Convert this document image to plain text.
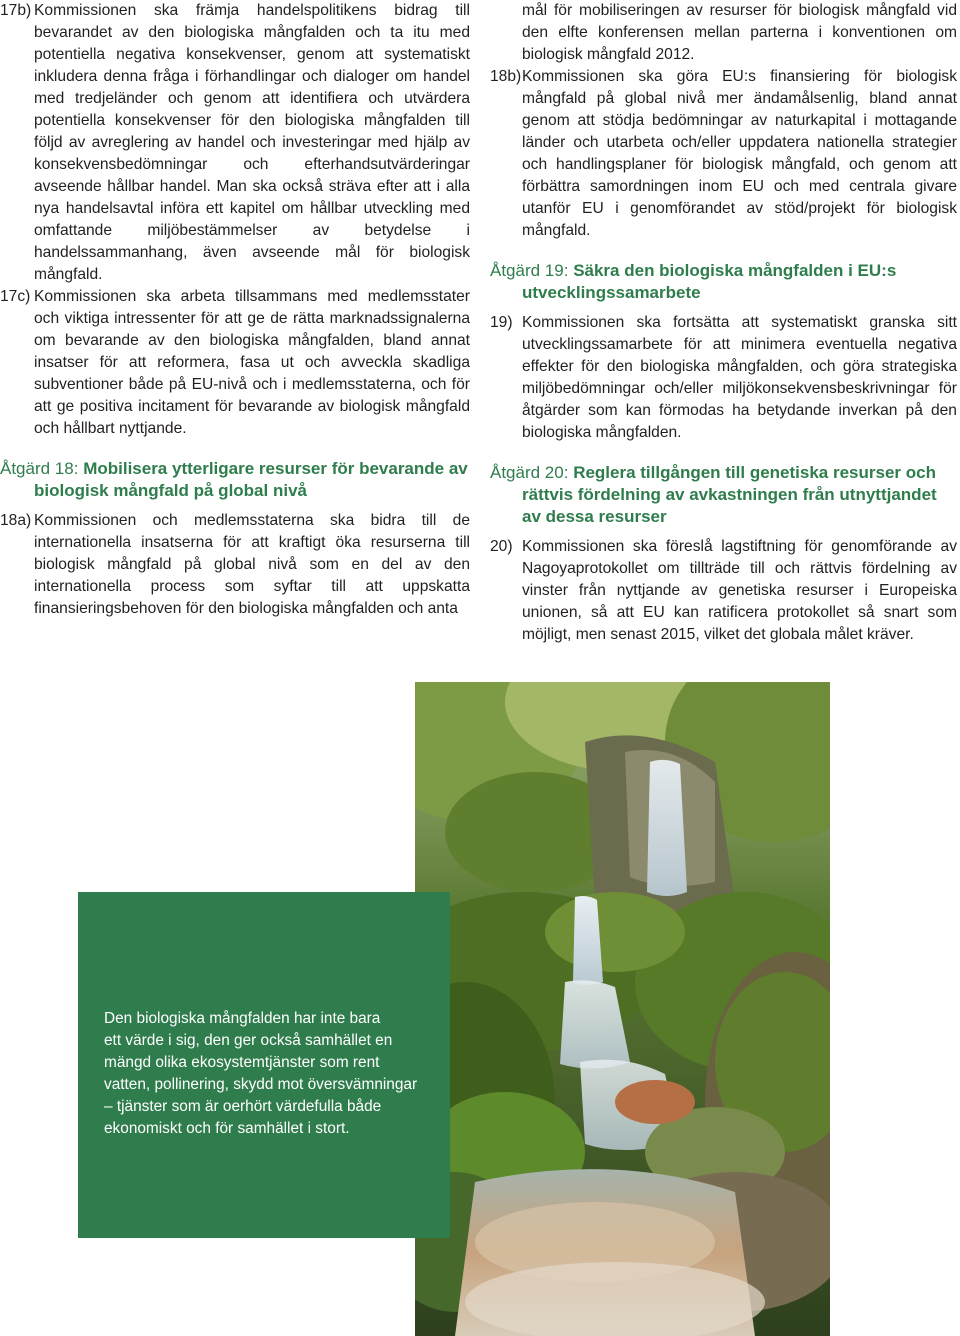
17b) Kommissionen ska främja handelspolitikens bidrag till bevarandet av den biologiska mångfalden och ta itu med potentiella negativa konsekvenser, genom att systematiskt inkludera denna fråga i förhandlingar och dialoger om handel med tredjeländer och genom att identifiera och utvärdera potentiella konsekvenser för den biologiska mångfalden till följd av avreglering av handel och investeringar med hjälp av konsekvensbedömningar och efterhandsutvärderingar avseende hållbar handel. Man ska också sträva efter att i alla nya handelsavtal införa ett kapitel om hållbar utveckling med omfattande miljöbestämmelser av betydelse i handelssammanhang, även avseende mål för biologisk mångfald.
17c) Kommissionen ska arbeta tillsammans med medlemsstater och viktiga intressenter för att ge de rätta marknadssignalerna om bevarande av den biologiska mångfalden, bland annat insatser för att reformera, fasa ut och avveckla skadliga subventioner både på EU-nivå och i medlemsstaterna, och för att ge positiva incitament för bevarande av biologisk mångfald och hållbart nyttjande.
Åtgärd 18: Mobilisera ytterligare resurser för bevarande av biologisk mångfald på global nivå
18a) Kommissionen och medlemsstaterna ska bidra till de internationella insatserna för att kraftigt öka resurserna till biologisk mångfald på global nivå som en del av den internationella process som syftar till att uppskatta finansieringsbehoven för den biologiska mångfalden och anta
mål för mobiliseringen av resurser för biologisk mångfald vid den elfte konferensen mellan parterna i konventionen om biologisk mångfald 2012.
18b) Kommissionen ska göra EU:s finansiering för biologisk mångfald på global nivå mer ändamålsenlig, bland annat genom att stödja bedömningar av naturkapital i mottagande länder och utarbeta och/eller uppdatera nationella strategier och handlingsplaner för biologisk mångfald, och genom att förbättra samordningen inom EU och med centrala givare utanför EU i genomförandet av stöd/projekt för biologisk mångfald.
Åtgärd 19: Säkra den biologiska mångfalden i EU:s utvecklingssamarbete
19) Kommissionen ska fortsätta att systematiskt granska sitt utvecklingssamarbete för att minimera eventuella negativa effekter för den biologiska mångfalden, och göra strategiska miljöbedömningar och/eller miljökonsekvensbeskrivningar för åtgärder som kan förmodas ha betydande inverkan på den biologiska mångfalden.
Åtgärd 20: Reglera tillgången till genetiska resurser och rättvis fördelning av avkastningen från utnyttjandet av dessa resurser
20) Kommissionen ska föreslå lagstiftning för genomförande av Nagoyaprotokollet om tillträde till och rättvis fördelning av vinster från nyttjande av genetiska resurser i Europeiska unionen, så att EU kan ratificera protokollet så snart som möjligt, men senast 2015, vilket det globala målet kräver.
Den biologiska mångfalden har inte bara
ett värde i sig, den ger också samhället en
mängd olika ekosystemtjänster som rent
vatten, pollinering, skydd mot översvämningar
– tjänster som är oerhört värdefulla både
ekonomiskt och för samhället i stort.
